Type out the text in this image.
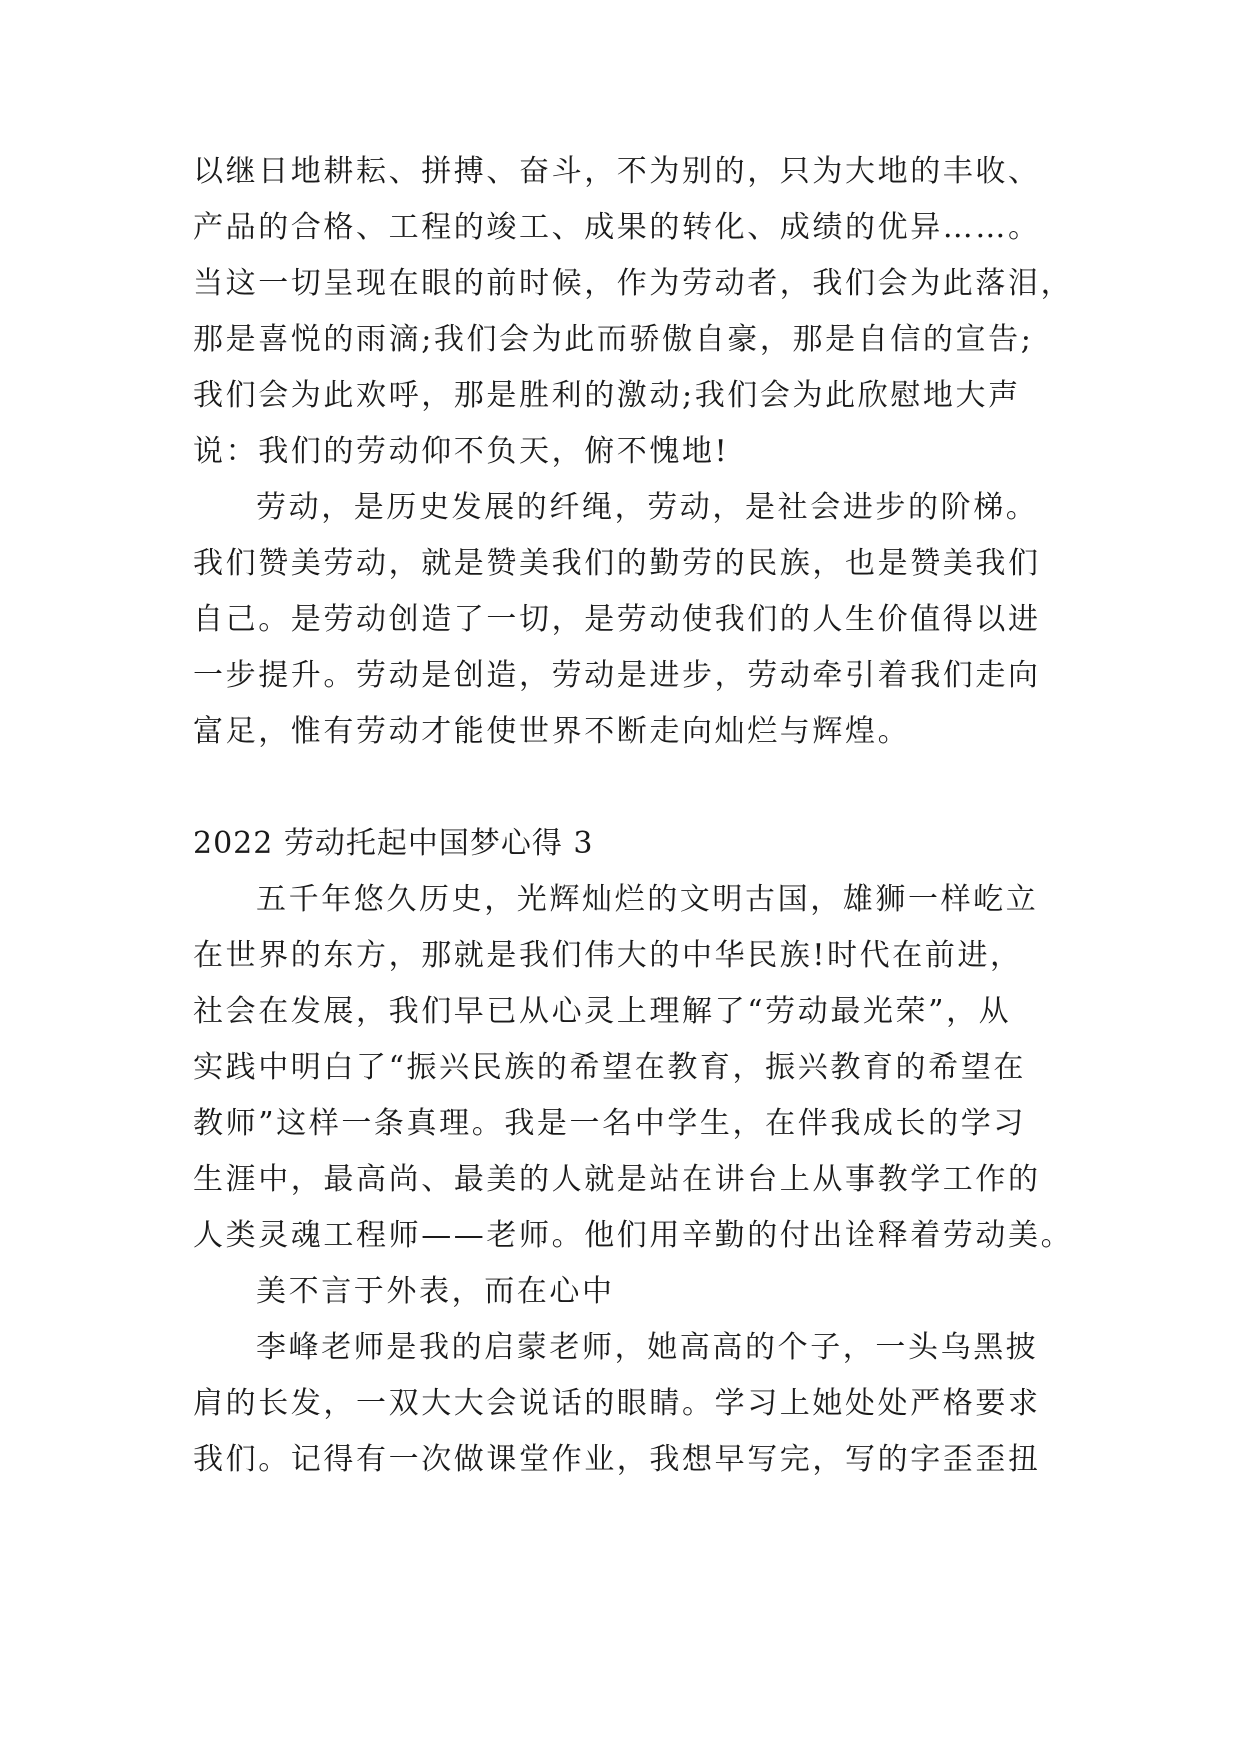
以继日地耕耘、拼搏、奋斗，不为别的，只为大地的丰收、
产品的合格、工程的竣工、成果的转化、成绩的优异……。
当这一切呈现在眼的前时候，作为劳动者，我们会为此落泪，
那是喜悦的雨滴;我们会为此而骄傲自豪，那是自信的宣告;
我们会为此欢呼，那是胜利的激动;我们会为此欣慰地大声
说：我们的劳动仰不负天，俯不愧地!
劳动，是历史发展的纤绳，劳动，是社会进步的阶梯。
我们赞美劳动，就是赞美我们的勤劳的民族，也是赞美我们
自己。是劳动创造了一切，是劳动使我们的人生价值得以进
一步提升。劳动是创造，劳动是进步，劳动牵引着我们走向
富足，惟有劳动才能使世界不断走向灿烂与辉煌。
2022 劳动托起中国梦心得 3
五千年悠久历史，光辉灿烂的文明古国，雄狮一样屹立
在世界的东方，那就是我们伟大的中华民族!时代在前进，
社会在发展，我们早已从心灵上理解了“劳动最光荣”，从
实践中明白了“振兴民族的希望在教育，振兴教育的希望在
教师”这样一条真理。我是一名中学生，在伴我成长的学习
生涯中，最高尚、最美的人就是站在讲台上从事教学工作的
人类灵魂工程师——老师。他们用辛勤的付出诠释着劳动美。
美不言于外表，而在心中
李峰老师是我的启蒙老师，她高高的个子，一头乌黑披
肩的长发，一双大大会说话的眼睛。学习上她处处严格要求
我们。记得有一次做课堂作业，我想早写完，写的字歪歪扭
